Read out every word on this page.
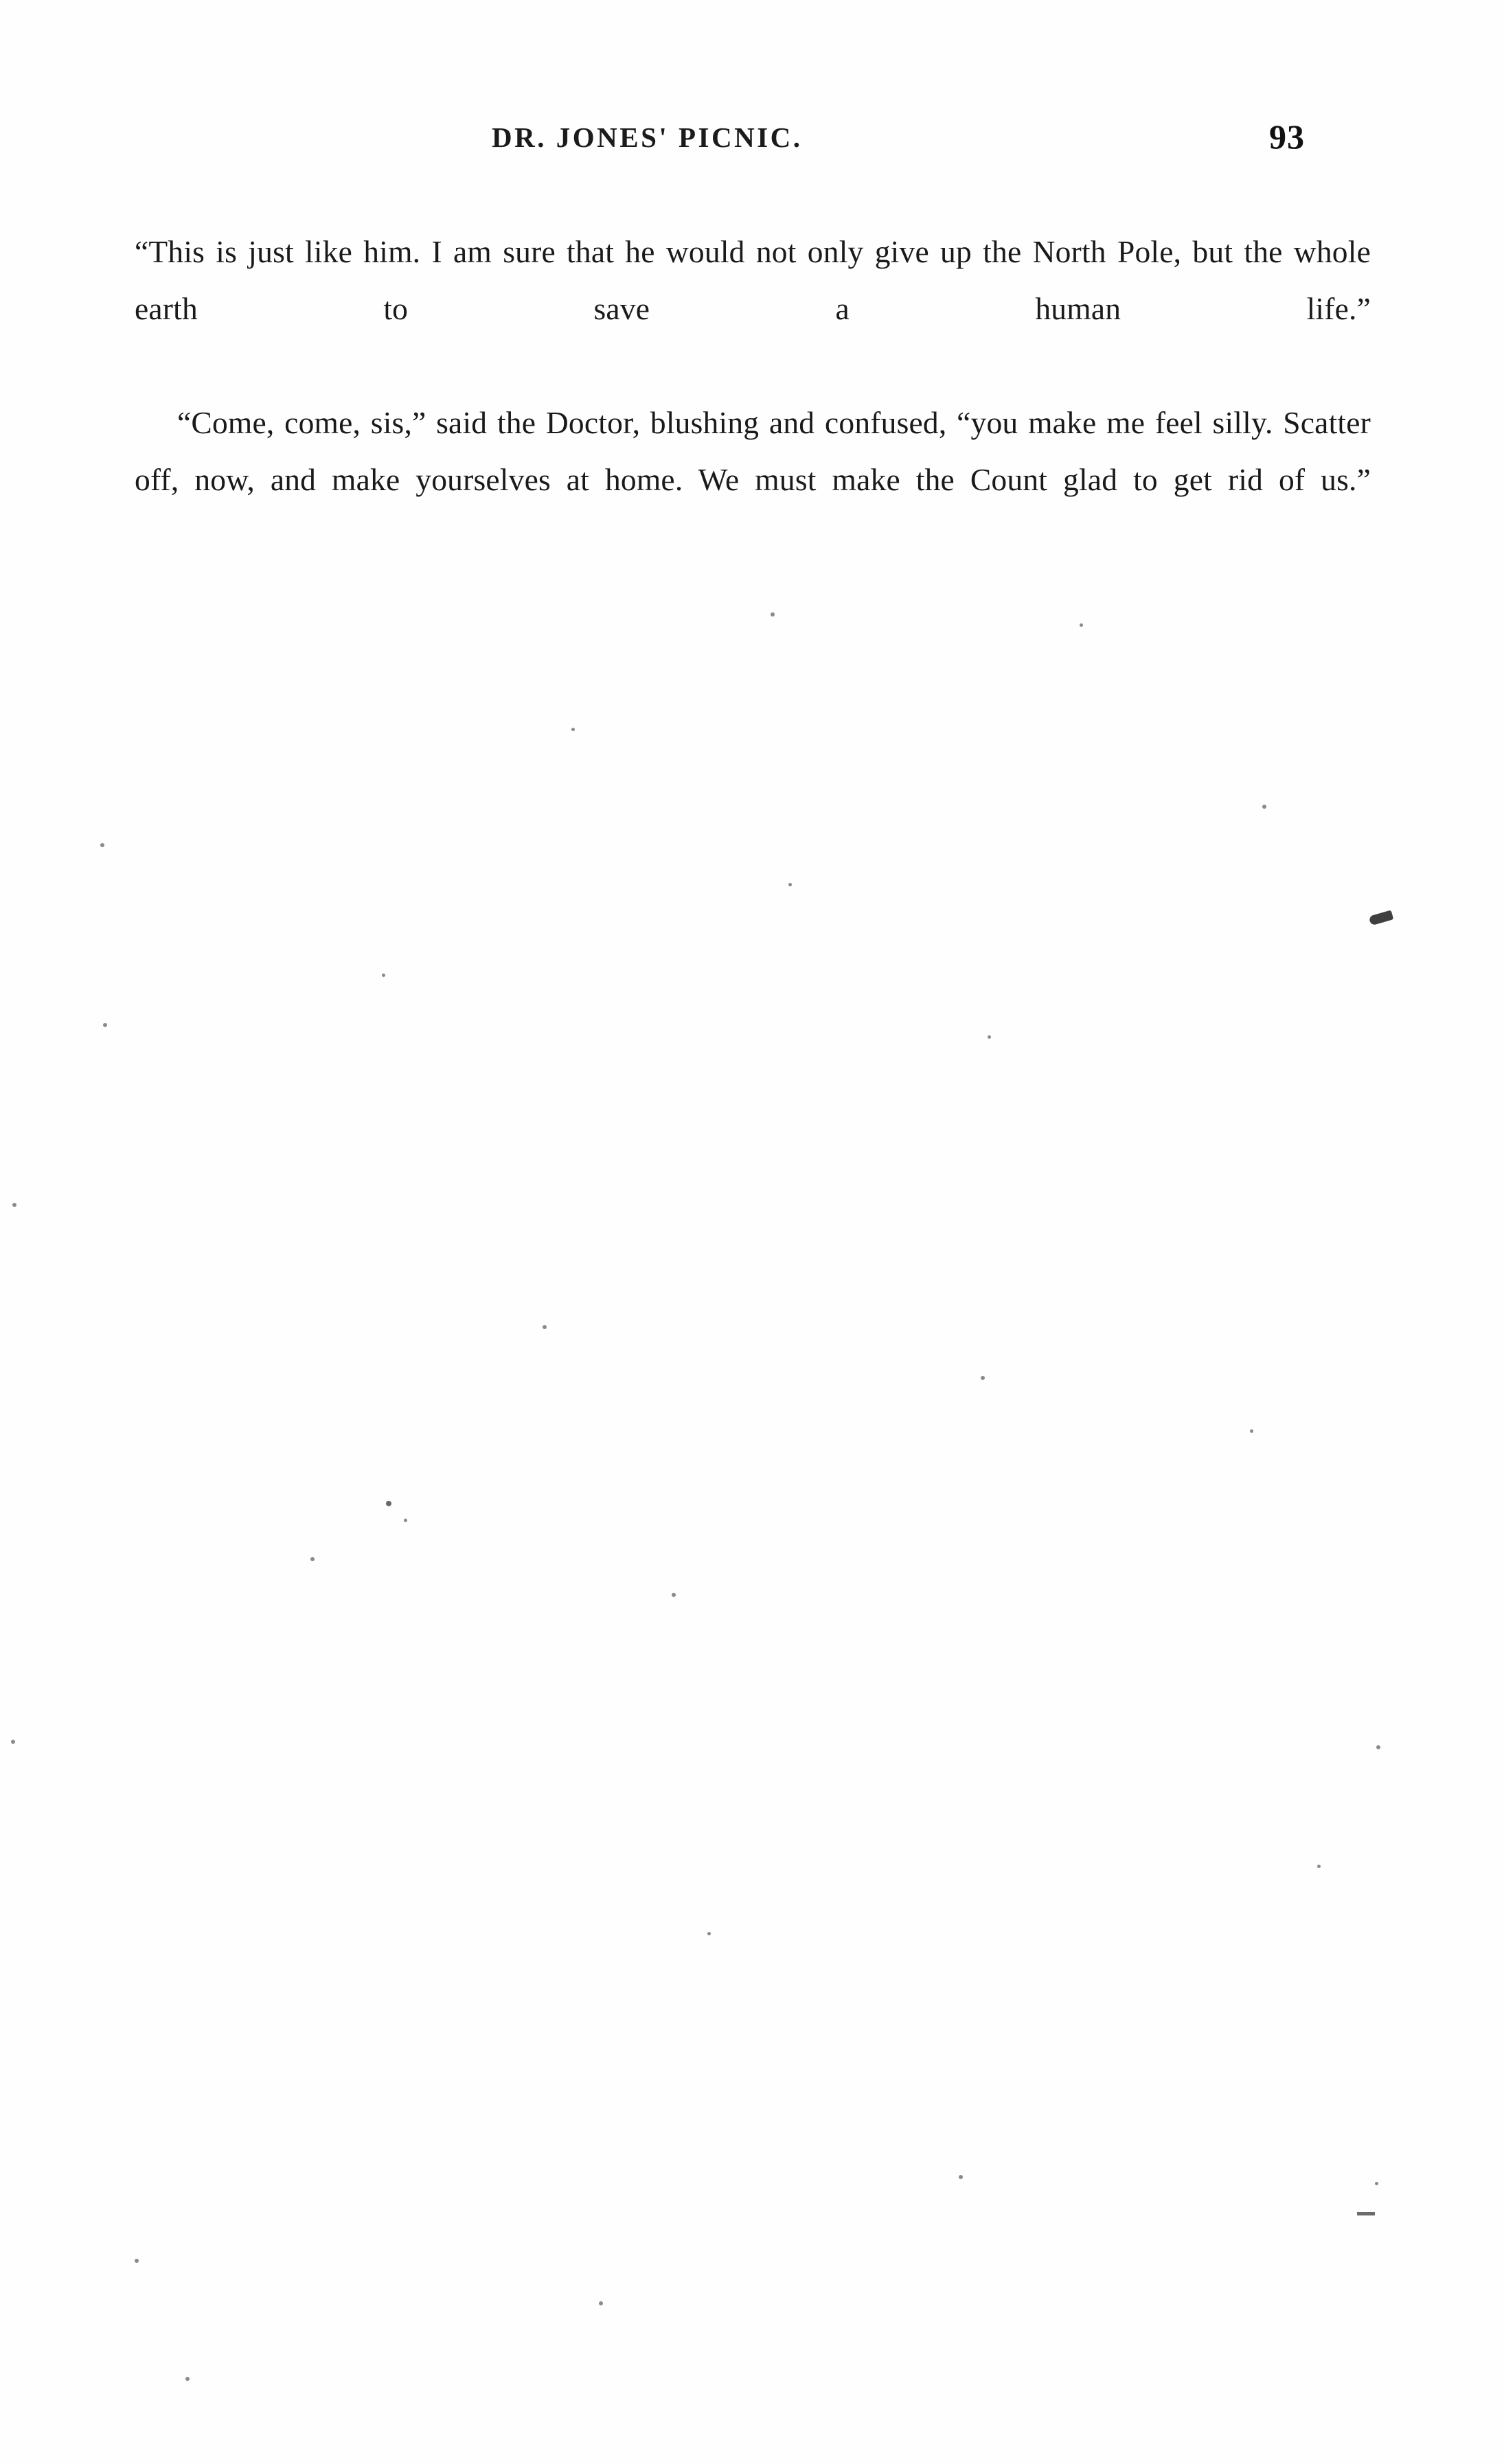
DR. JONES' PICNIC.	93

“This is just like him. I am sure that he would not only give up the North Pole, but the whole earth to save a human life.”

“Come, come, sis,” said the Doctor, blushing and confused, “you make me feel silly. Scatter off, now, and make yourselves at home. We must make the Count glad to get rid of us.”
